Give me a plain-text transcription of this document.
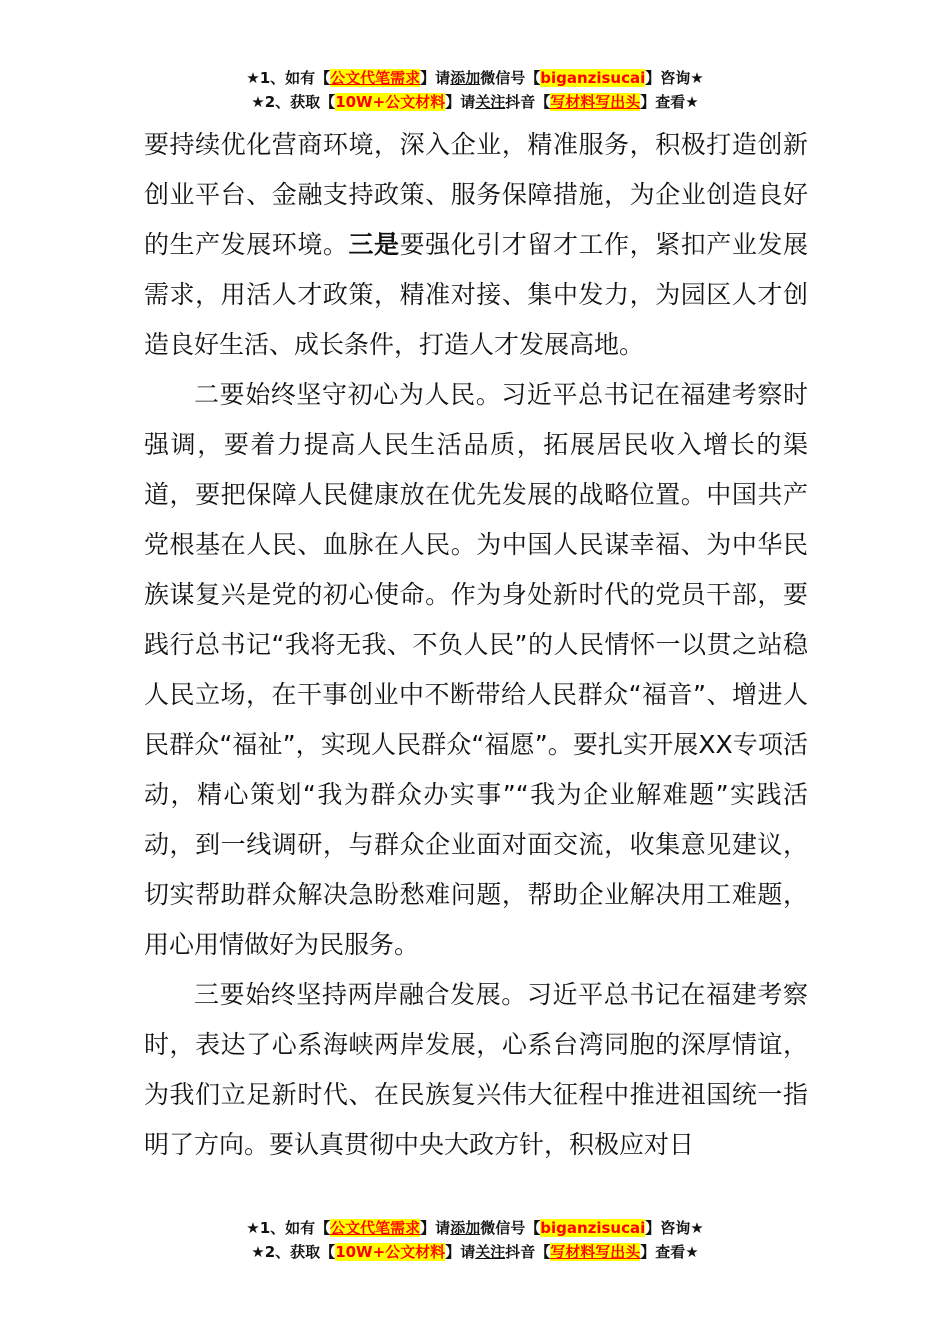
★1、如有【公文代笔需求】请添加微信号【biganzisucai】咨询★
★2、获取【10W+公文材料】请关注抖音【写材料写出头】查看★

要持续优化营商环境，深入企业，精准服务，积极打造创新创业平台、金融支持政策、服务保障措施，为企业创造良好的生产发展环境。三是要强化引才留才工作，紧扣产业发展需求，用活人才政策，精准对接、集中发力，为园区人才创造良好生活、成长条件，打造人才发展高地。

二要始终坚守初心为人民。习近平总书记在福建考察时强调，要着力提高人民生活品质，拓展居民收入增长的渠道，要把保障人民健康放在优先发展的战略位置。中国共产党根基在人民、血脉在人民。为中国人民谋幸福、为中华民族谋复兴是党的初心使命。作为身处新时代的党员干部，要践行总书记“我将无我、不负人民”的人民情怀一以贯之站稳人民立场，在干事创业中不断带给人民群众“福音”、增进人民群众“福祉”，实现人民群众“福愿”。要扎实开展XX专项活动，精心策划“我为群众办实事”“我为企业解难题”实践活动，到一线调研，与群众企业面对面交流，收集意见建议，切实帮助群众解决急盼愁难问题，帮助企业解决用工难题，用心用情做好为民服务。

三要始终坚持两岸融合发展。习近平总书记在福建考察时，表达了心系海峡两岸发展，心系台湾同胞的深厚情谊，为我们立足新时代、在民族复兴伟大征程中推进祖国统一指明了方向。要认真贯彻中央大政方针，积极应对日

★1、如有【公文代笔需求】请添加微信号【biganzisucai】咨询★
★2、获取【10W+公文材料】请关注抖音【写材料写出头】查看★
